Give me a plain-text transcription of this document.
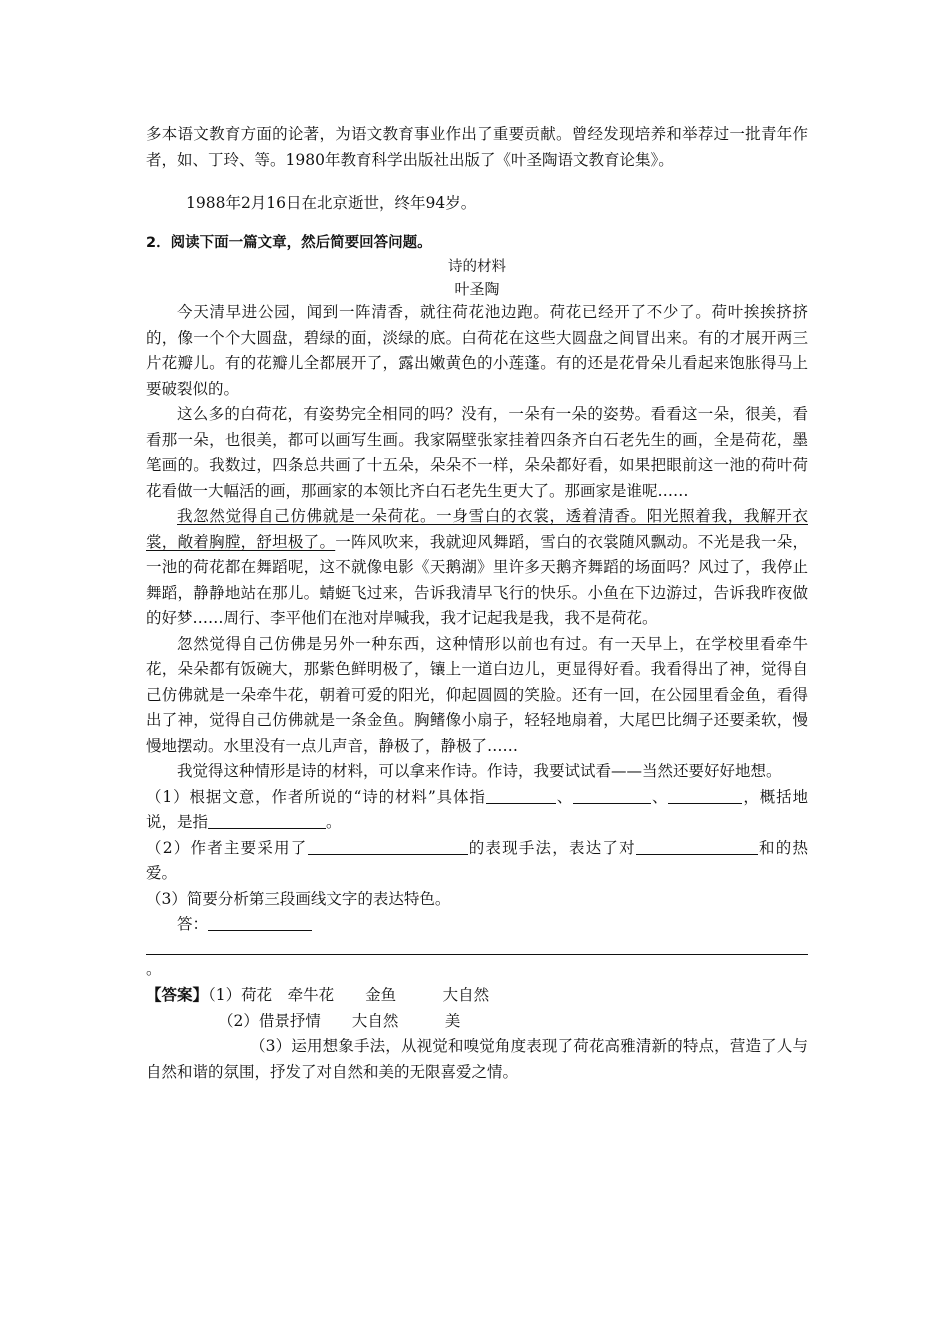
多本语文教育方面的论著，为语文教育事业作出了重要贡献。曾经发现培养和举荐过一批青年作者，如、丁玲、等。1980年教育科学出版社出版了《叶圣陶语文教育论集》。

1988年2月16日在北京逝世，终年94岁。

2．阅读下面一篇文章，然后简要回答问题。

诗的材料

叶圣陶

今天清早进公园，闻到一阵清香，就往荷花池边跑。荷花已经开了不少了。荷叶挨挨挤挤的，像一个个大圆盘，碧绿的面，淡绿的底。白荷花在这些大圆盘之间冒出来。有的才展开两三片花瓣儿。有的花瓣儿全都展开了，露出嫩黄色的小莲蓬。有的还是花骨朵儿看起来饱胀得马上要破裂似的。

这么多的白荷花，有姿势完全相同的吗？没有，一朵有一朵的姿势。看看这一朵，很美，看看那一朵，也很美，都可以画写生画。我家隔壁张家挂着四条齐白石老先生的画，全是荷花，墨笔画的。我数过，四条总共画了十五朵，朵朵不一样，朵朵都好看，如果把眼前这一池的荷叶荷花看做一大幅活的画，那画家的本领比齐白石老先生更大了。那画家是谁呢……

我忽然觉得自己仿佛就是一朵荷花。一身雪白的衣裳，透着清香。阳光照着我，我解开衣裳，敞着胸膛，舒坦极了。一阵风吹来，我就迎风舞蹈，雪白的衣裳随风飘动。不光是我一朵，一池的荷花都在舞蹈呢，这不就像电影《天鹅湖》里许多天鹅齐舞蹈的场面吗？风过了，我停止舞蹈，静静地站在那儿。蜻蜓飞过来，告诉我清早飞行的快乐。小鱼在下边游过，告诉我昨夜做的好梦……周行、李平他们在池对岸喊我，我才记起我是我，我不是荷花。

忽然觉得自己仿佛是另外一种东西，这种情形以前也有过。有一天早上，在学校里看牵牛花，朵朵都有饭碗大，那紫色鲜明极了，镶上一道白边儿，更显得好看。我看得出了神，觉得自己仿佛就是一朵牵牛花，朝着可爱的阳光，仰起圆圆的笑脸。还有一回，在公园里看金鱼，看得出了神，觉得自己仿佛就是一条金鱼。胸鳍像小扇子，轻轻地扇着，大尾巴比绸子还要柔软，慢慢地摆动。水里没有一点儿声音，静极了，静极了……

我觉得这种情形是诗的材料，可以拿来作诗。作诗，我要试试看——当然还要好好地想。

（1）根据文意，作者所说的“诗的材料”具体指	、	、	，概括地说，是指	。

（2）作者主要采用了	的表现手法，表达了对	和的热爱。

（3）简要分析第三段画线文字的表达特色。

答：

。

【答案】（1）荷花　牵牛花　　金鱼　　　大自然

（2）借景抒情　　大自然　　　美

（3）运用想象手法，从视觉和嗅觉角度表现了荷花高雅清新的特点，营造了人与自然和谐的氛围，抒发了对自然和美的无限喜爱之情。
